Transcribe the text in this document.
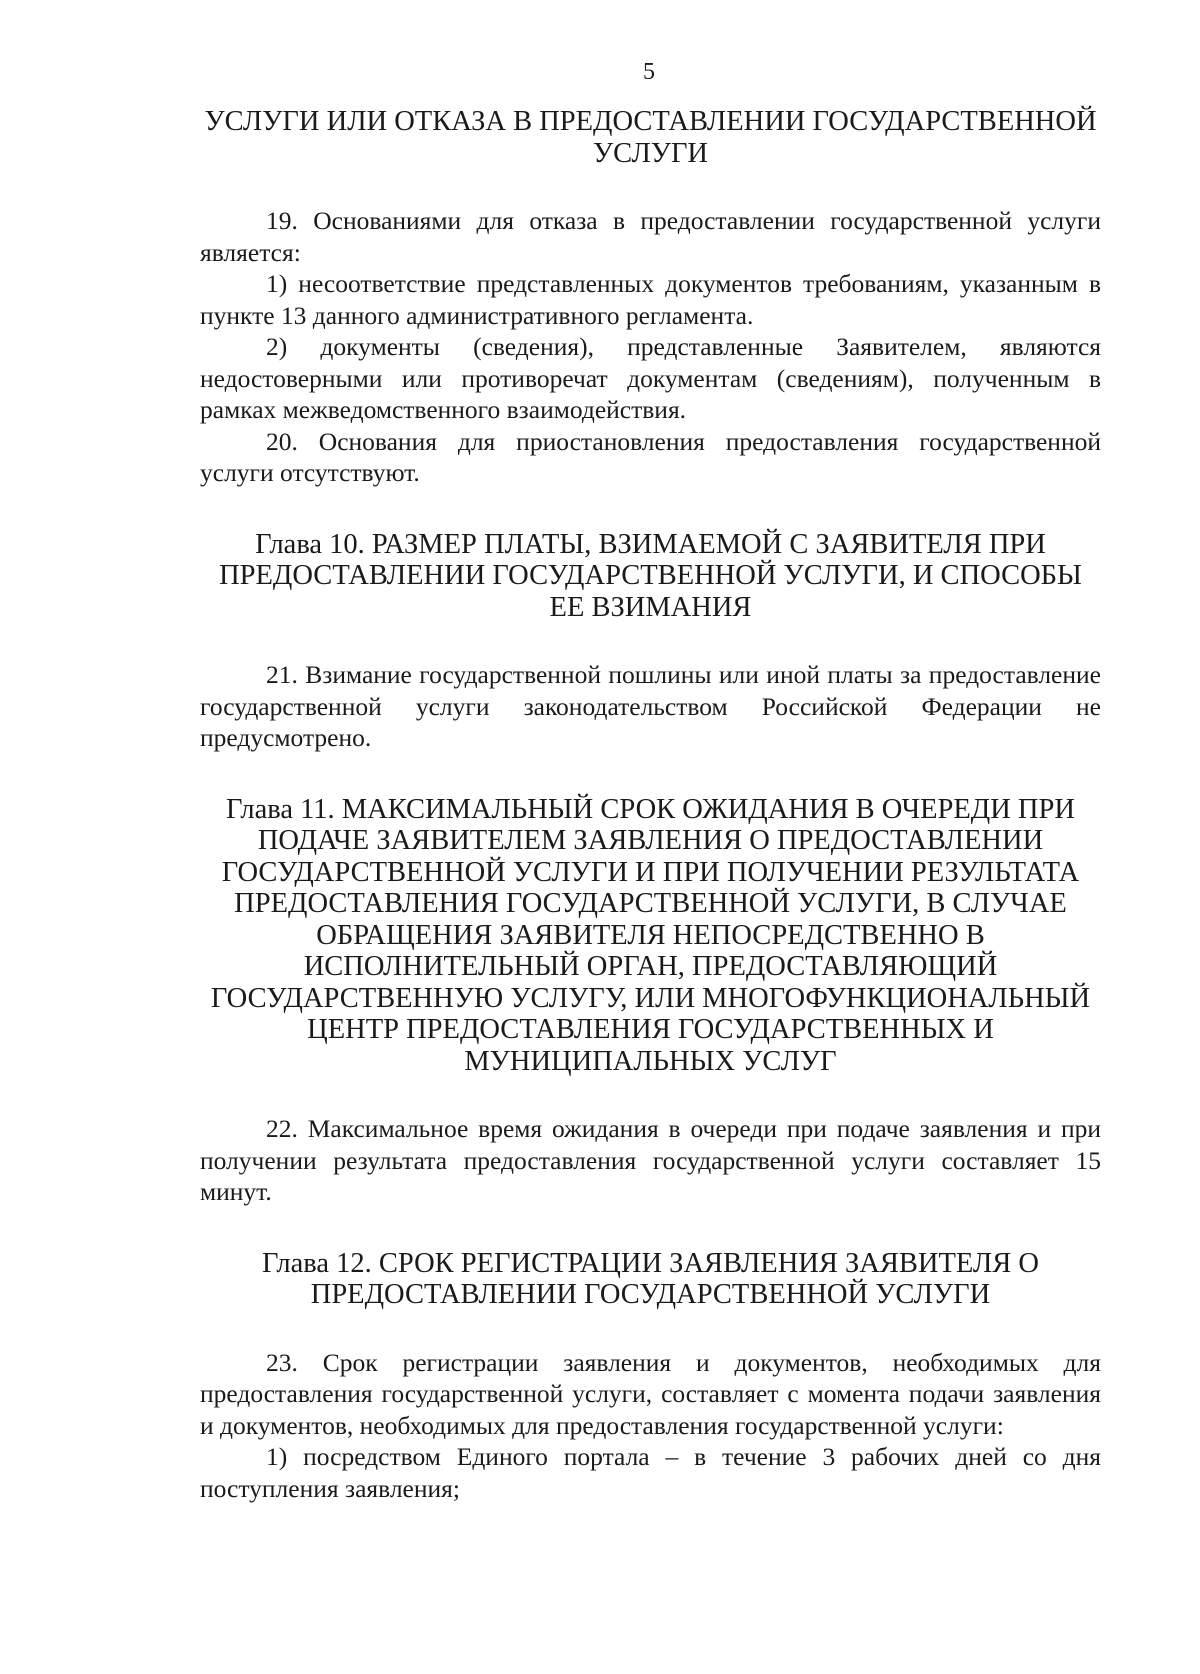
5
УСЛУГИ ИЛИ ОТКАЗА В ПРЕДОСТАВЛЕНИИ ГОСУДАРСТВЕННОЙ УСЛУГИ
19. Основаниями для отказа в предоставлении государственной услуги является:
1) несоответствие представленных документов требованиям, указанным в пункте 13 данного административного регламента.
2) документы (сведения), представленные Заявителем, являются недостоверными или противоречат документам (сведениям), полученным в рамках межведомственного взаимодействия.
20. Основания для приостановления предоставления государственной услуги отсутствуют.
Глава 10. РАЗМЕР ПЛАТЫ, ВЗИМАЕМОЙ С ЗАЯВИТЕЛЯ ПРИ ПРЕДОСТАВЛЕНИИ ГОСУДАРСТВЕННОЙ УСЛУГИ, И СПОСОБЫ ЕЕ ВЗИМАНИЯ
21. Взимание государственной пошлины или иной платы за предоставление государственной услуги законодательством Российской Федерации не предусмотрено.
Глава 11. МАКСИМАЛЬНЫЙ СРОК ОЖИДАНИЯ В ОЧЕРЕДИ ПРИ ПОДАЧЕ ЗАЯВИТЕЛЕМ ЗАЯВЛЕНИЯ О ПРЕДОСТАВЛЕНИИ ГОСУДАРСТВЕННОЙ УСЛУГИ И ПРИ ПОЛУЧЕНИИ РЕЗУЛЬТАТА ПРЕДОСТАВЛЕНИЯ ГОСУДАРСТВЕННОЙ УСЛУГИ, В СЛУЧАЕ ОБРАЩЕНИЯ ЗАЯВИТЕЛЯ НЕПОСРЕДСТВЕННО В ИСПОЛНИТЕЛЬНЫЙ ОРГАН, ПРЕДОСТАВЛЯЮЩИЙ ГОСУДАРСТВЕННУЮ УСЛУГУ, ИЛИ МНОГОФУНКЦИОНАЛЬНЫЙ ЦЕНТР ПРЕДОСТАВЛЕНИЯ ГОСУДАРСТВЕННЫХ И МУНИЦИПАЛЬНЫХ УСЛУГ
22. Максимальное время ожидания в очереди при подаче заявления и при получении результата предоставления государственной услуги составляет 15 минут.
Глава 12. СРОК РЕГИСТРАЦИИ ЗАЯВЛЕНИЯ ЗАЯВИТЕЛЯ О ПРЕДОСТАВЛЕНИИ ГОСУДАРСТВЕННОЙ УСЛУГИ
23. Срок регистрации заявления и документов, необходимых для предоставления государственной услуги, составляет с момента подачи заявления и документов, необходимых для предоставления государственной услуги:
1) посредством Единого портала – в течение 3 рабочих дней со дня поступления заявления;
